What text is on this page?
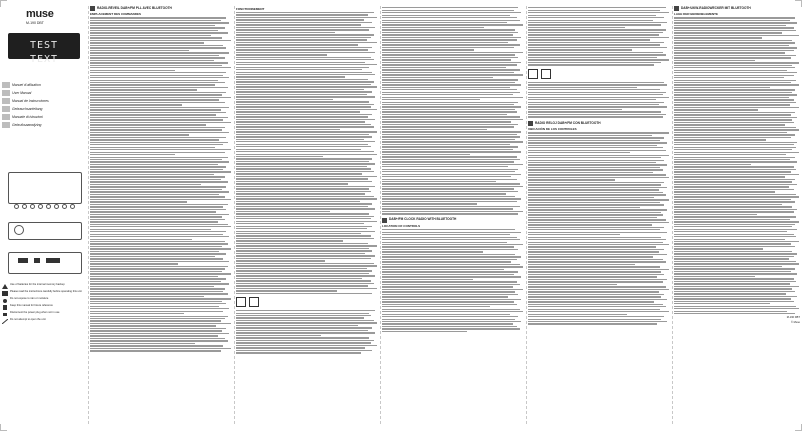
muse
M-190 DBT
TEST TEXT
Manuel d'utilisation
User Manual
Manual de Instrucciones
Gebrauchsanleitung
Manuale di istruzioni
Gebruiksaanwijzing
Use of batteries for the internal memory backup
Please read the instructions carefully before operating this unit
Do not expose to rain or moisture
Keep this manual for future reference
Disconnect the power plug when not in use
Do not attempt to open the unit
RADIO-RÉVEIL DAB+/FM PLL AVEC BLUETOOTH
EMPLACEMENT DES COMMANDES
FONCTIONNEMENT
DAB+/FM CLOCK RADIO WITH BLUETOOTH
LOCATION OF CONTROLS
RADIO RELOJ DAB+/FM CON BLUETOOTH
UBICACIÓN DE LOS CONTROLES
DAB+/UKW-RADIOWECKER MIT BLUETOOTH
LAGE DER BEDIENELEMENTE
M-190 DBT
© Muse
